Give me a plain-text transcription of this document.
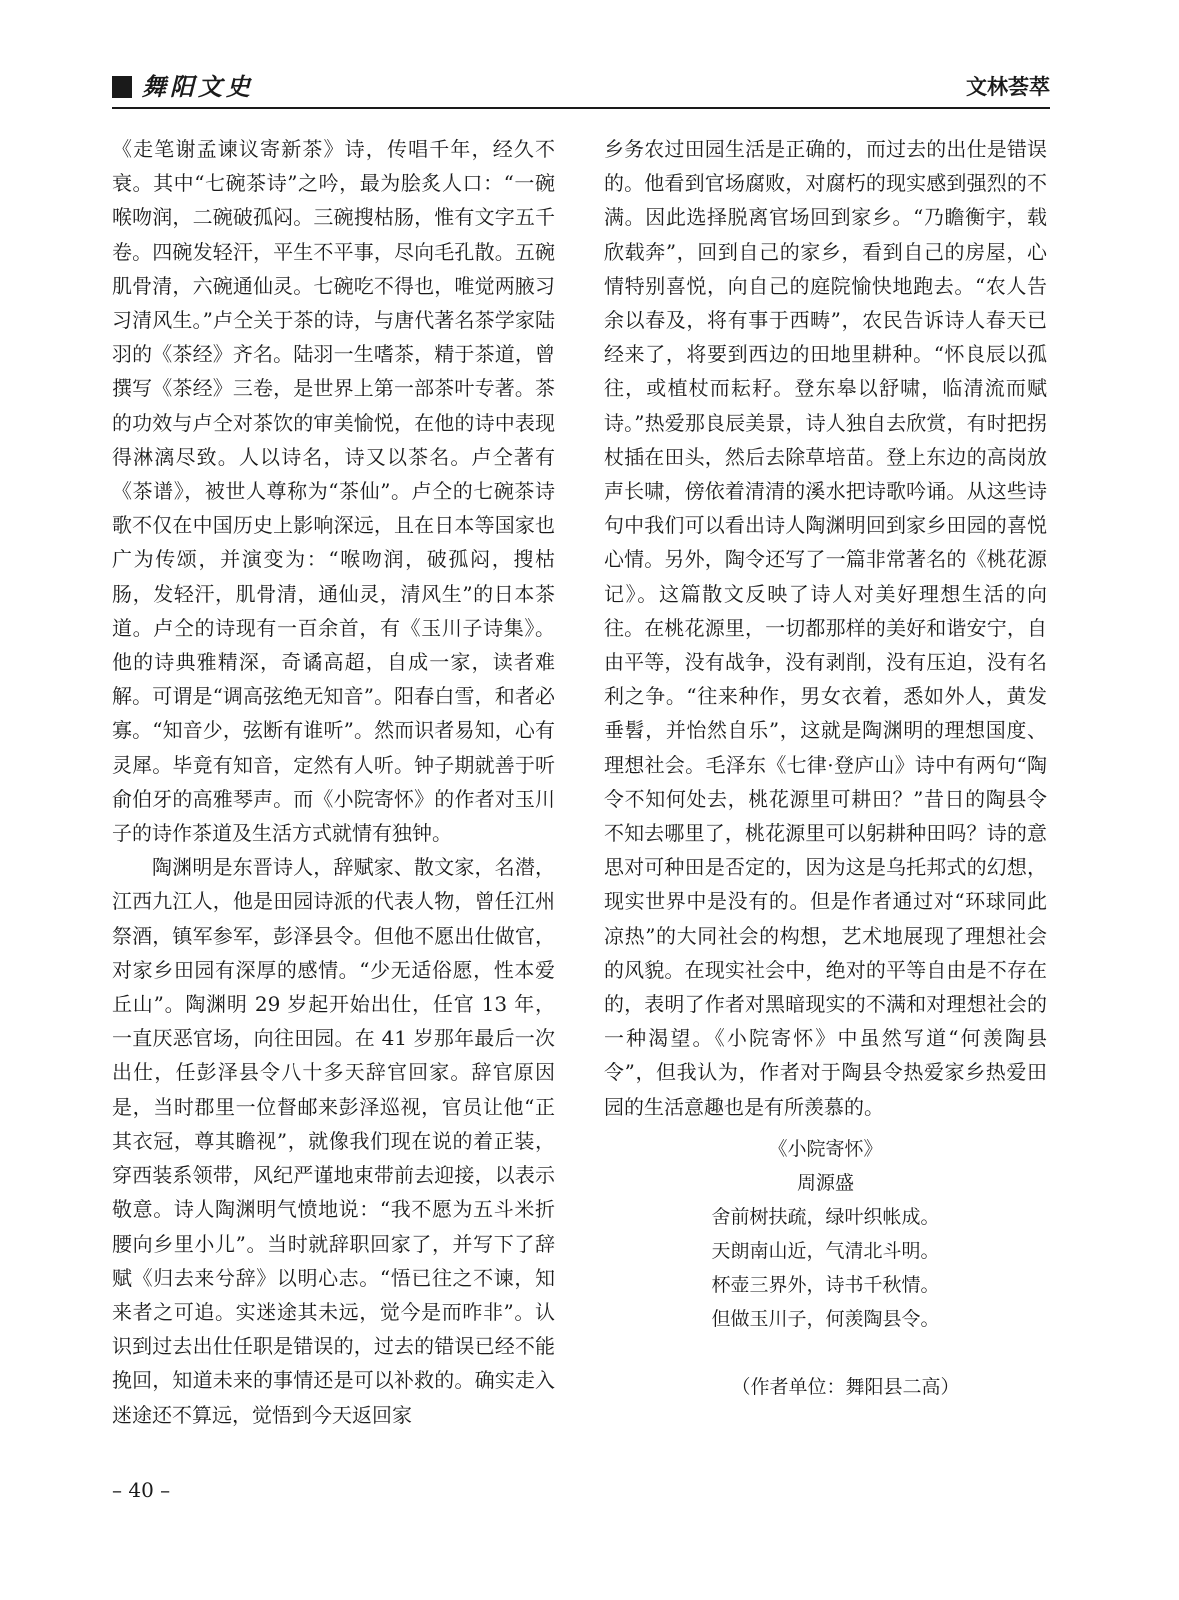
舞阳文史	文林荟萃

《走笔谢孟谏议寄新茶》诗，传唱千年，经久不衰。其中“七碗茶诗”之吟，最为脍炙人口：“一碗喉吻润，二碗破孤闷。三碗搜枯肠，惟有文字五千卷。四碗发轻汗，平生不平事，尽向毛孔散。五碗肌骨清，六碗通仙灵。七碗吃不得也，唯觉两腋习习清风生。”卢仝关于茶的诗，与唐代著名茶学家陆羽的《茶经》齐名。陆羽一生嗜茶，精于茶道，曾撰写《茶经》三卷，是世界上第一部茶叶专著。茶的功效与卢仝对茶饮的审美愉悦，在他的诗中表现得淋漓尽致。人以诗名，诗又以茶名。卢仝著有《茶谱》，被世人尊称为“茶仙”。卢仝的七碗茶诗歌不仅在中国历史上影响深远，且在日本等国家也广为传颂，并演变为：“喉吻润，破孤闷，搜枯肠，发轻汗，肌骨清，通仙灵，清风生”的日本茶道。卢仝的诗现有一百余首，有《玉川子诗集》。他的诗典雅精深，奇谲高超，自成一家，读者难解。可谓是“调高弦绝无知音”。阳春白雪，和者必寡。“知音少，弦断有谁听”。然而识者易知，心有灵犀。毕竟有知音，定然有人听。钟子期就善于听俞伯牙的高雅琴声。而《小院寄怀》的作者对玉川子的诗作茶道及生活方式就情有独钟。

陶渊明是东晋诗人，辞赋家、散文家，名潜，江西九江人，他是田园诗派的代表人物，曾任江州祭酒，镇军参军，彭泽县令。但他不愿出仕做官，对家乡田园有深厚的感情。“少无适俗愿，性本爱丘山”。陶渊明 29 岁起开始出仕，任官 13 年，一直厌恶官场，向往田园。在 41 岁那年最后一次出仕，任彭泽县令八十多天辞官回家。辞官原因是，当时郡里一位督邮来彭泽巡视，官员让他“正其衣冠，尊其瞻视”，就像我们现在说的着正装，穿西装系领带，风纪严谨地束带前去迎接，以表示敬意。诗人陶渊明气愤地说：“我不愿为五斗米折腰向乡里小儿”。当时就辞职回家了，并写下了辞赋《归去来兮辞》以明心志。“悟已往之不谏，知来者之可追。实迷途其未远，觉今是而昨非”。认识到过去出仕任职是错误的，过去的错误已经不能挽回，知道未来的事情还是可以补救的。确实走入迷途还不算远，觉悟到今天返回家

乡务农过田园生活是正确的，而过去的出仕是错误的。他看到官场腐败，对腐朽的现实感到强烈的不满。因此选择脱离官场回到家乡。“乃瞻衡宇，载欣载奔”，回到自己的家乡，看到自己的房屋，心情特别喜悦，向自己的庭院愉快地跑去。“农人告余以春及，将有事于西畴”，农民告诉诗人春天已经来了，将要到西边的田地里耕种。“怀良辰以孤往，或植杖而耘耔。登东皋以舒啸，临清流而赋诗。”热爱那良辰美景，诗人独自去欣赏，有时把拐杖插在田头，然后去除草培苗。登上东边的高岗放声长啸，傍依着清清的溪水把诗歌吟诵。从这些诗句中我们可以看出诗人陶渊明回到家乡田园的喜悦心情。另外，陶令还写了一篇非常著名的《桃花源记》。这篇散文反映了诗人对美好理想生活的向往。在桃花源里，一切都那样的美好和谐安宁，自由平等，没有战争，没有剥削，没有压迫，没有名利之争。“往来种作，男女衣着，悉如外人，黄发垂髫，并怡然自乐”，这就是陶渊明的理想国度、理想社会。毛泽东《七律·登庐山》诗中有两句“陶令不知何处去，桃花源里可耕田？”昔日的陶县令不知去哪里了，桃花源里可以躬耕种田吗？诗的意思对可种田是否定的，因为这是乌托邦式的幻想，现实世界中是没有的。但是作者通过对“环球同此凉热”的大同社会的构想，艺术地展现了理想社会的风貌。在现实社会中，绝对的平等自由是不存在的，表明了作者对黑暗现实的不满和对理想社会的一种渴望。《小院寄怀》中虽然写道“何羡陶县令”，但我认为，作者对于陶县令热爱家乡热爱田园的生活意趣也是有所羡慕的。

《小院寄怀》
周源盛
舍前树扶疏，绿叶织帐成。
天朗南山近，气清北斗明。
杯壶三界外，诗书千秋情。
但做玉川子，何羡陶县令。
（作者单位：舞阳县二高）
– 40 –
